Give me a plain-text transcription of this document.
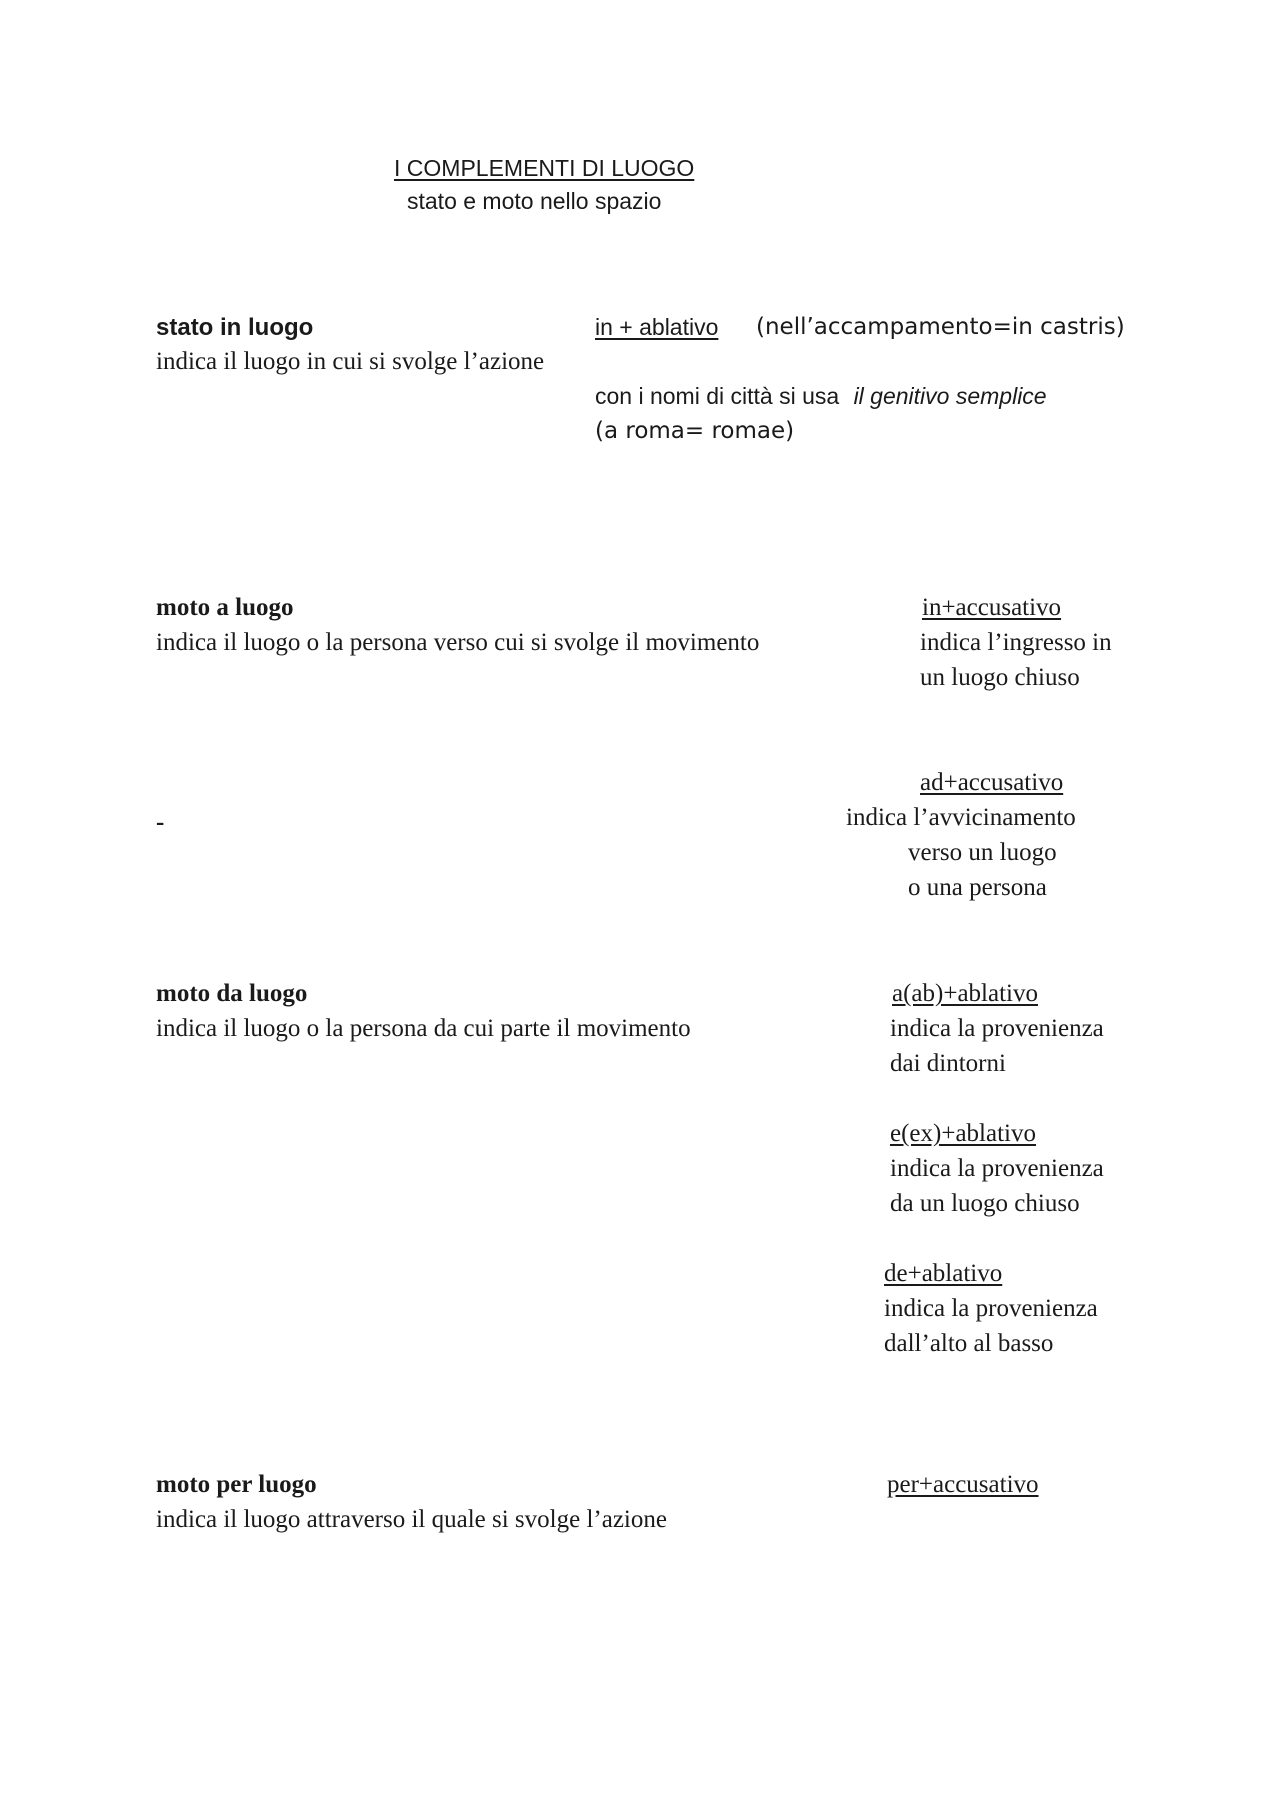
I COMPLEMENTI DI LUOGO
stato e moto nello spazio
stato in luogo
indica il luogo in cui si svolge l’azione
in + ablativo (nell’accampamento=in castris)
con i nomi di città si usa il genitivo semplice
(a roma= romae)
moto a luogo
indica il luogo o la persona verso cui si svolge il movimento
in+accusativo
indica l’ingresso in
un luogo chiuso
-
ad+accusativo
indica l’avvicinamento
verso un luogo
o una persona
moto da luogo
indica il luogo o la persona da cui parte il movimento
a(ab)+ablativo
indica la provenienza
dai dintorni
e(ex)+ablativo
indica la provenienza
da un luogo chiuso
de+ablativo
indica la provenienza
dall’alto al basso
moto per luogo
indica il luogo attraverso il quale si svolge l’azione
per+accusativo
